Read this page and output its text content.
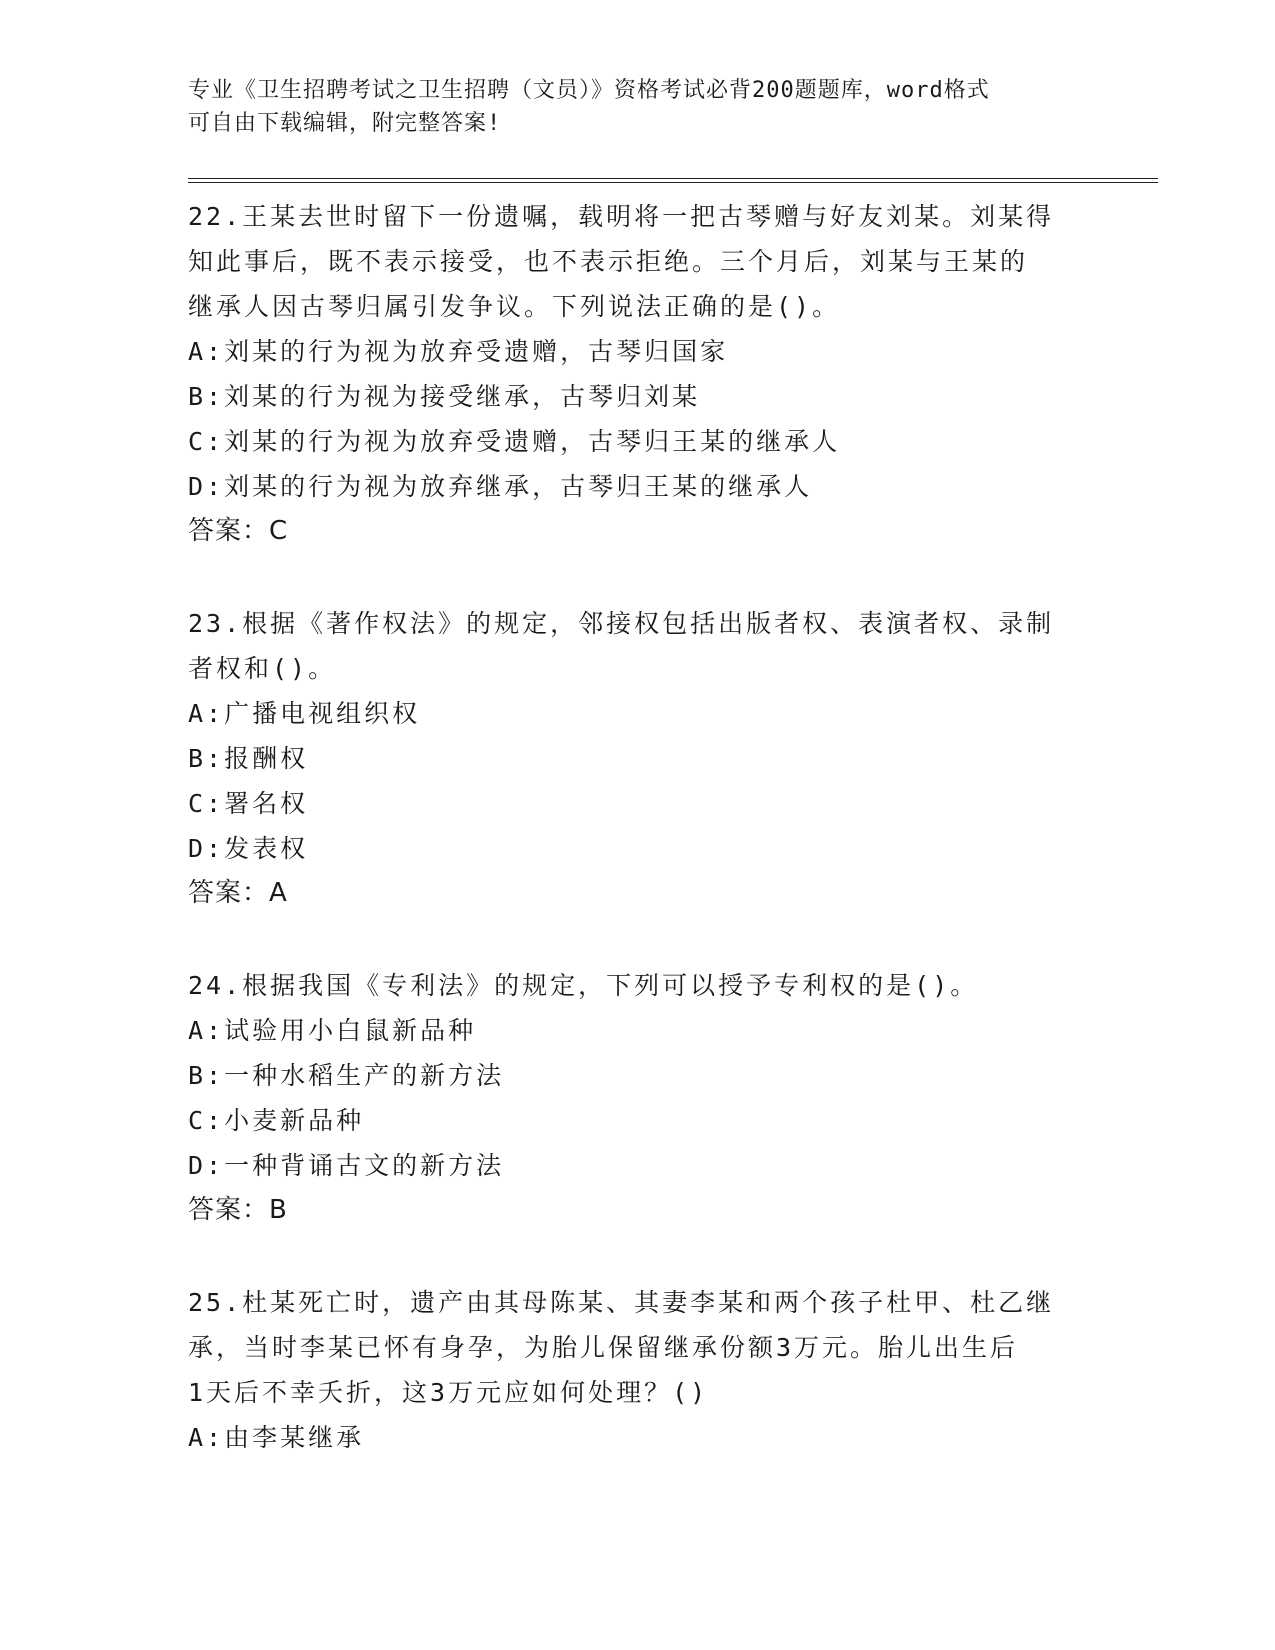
专业《卫生招聘考试之卫生招聘（文员）》资格考试必背200题题库，word格式
可自由下载编辑，附完整答案!
22.王某去世时留下一份遗嘱，载明将一把古琴赠与好友刘某。刘某得
知此事后，既不表示接受，也不表示拒绝。三个月后，刘某与王某的
继承人因古琴归属引发争议。下列说法正确的是()。
A:刘某的行为视为放弃受遗赠，古琴归国家
B:刘某的行为视为接受继承，古琴归刘某
C:刘某的行为视为放弃受遗赠，古琴归王某的继承人
D:刘某的行为视为放弃继承，古琴归王某的继承人
答案：C
23.根据《著作权法》的规定，邻接权包括出版者权、表演者权、录制
者权和()。
A:广播电视组织权
B:报酬权
C:署名权
D:发表权
答案：A
24.根据我国《专利法》的规定，下列可以授予专利权的是()。
A:试验用小白鼠新品种
B:一种水稻生产的新方法
C:小麦新品种
D:一种背诵古文的新方法
答案：B
25.杜某死亡时，遗产由其母陈某、其妻李某和两个孩子杜甲、杜乙继
承，当时李某已怀有身孕，为胎儿保留继承份额3万元。胎儿出生后
1天后不幸夭折，这3万元应如何处理？()
A:由李某继承
